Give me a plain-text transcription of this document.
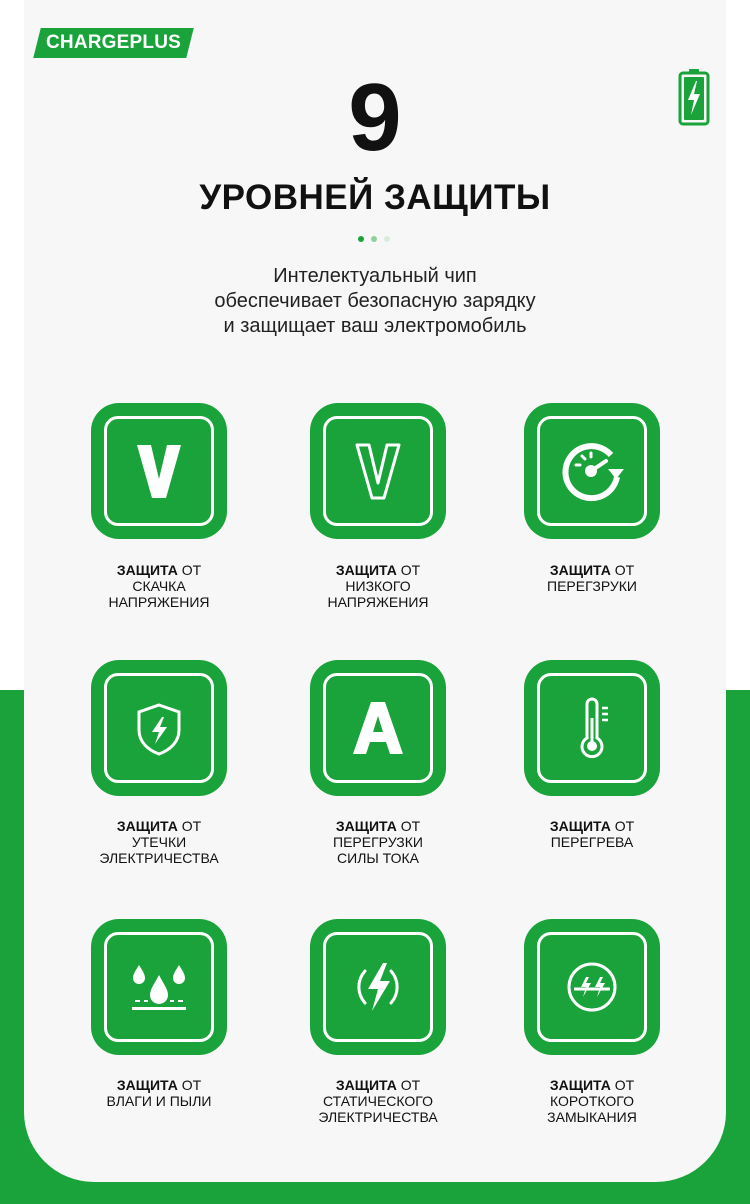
CHARGEPLUS
9
УРОВНЕЙ ЗАЩИТЫ
Интелектуальный чип
обеспечивает безопасную зарядку
и защищает ваш электромобиль
ЗАЩИТА ОТ
СКАЧКА
НАПРЯЖЕНИЯ
ЗАЩИТА ОТ
НИЗКОГО
НАПРЯЖЕНИЯ
ЗАЩИТА ОТ
ПЕРЕГЗРУКИ
ЗАЩИТА ОТ
УТЕЧКИ
ЭЛЕКТРИЧЕСТВА
ЗАЩИТА ОТ
ПЕРЕГРУЗКИ
СИЛЫ ТОКА
ЗАЩИТА ОТ
ПЕРЕГРЕВА
ЗАЩИТА ОТ
ВЛАГИ И ПЫЛИ
ЗАЩИТА ОТ
СТАТИЧЕСКОГО
ЭЛЕКТРИЧЕСТВА
ЗАЩИТА ОТ
КОРОТКОГО
ЗАМЫКАНИЯ
